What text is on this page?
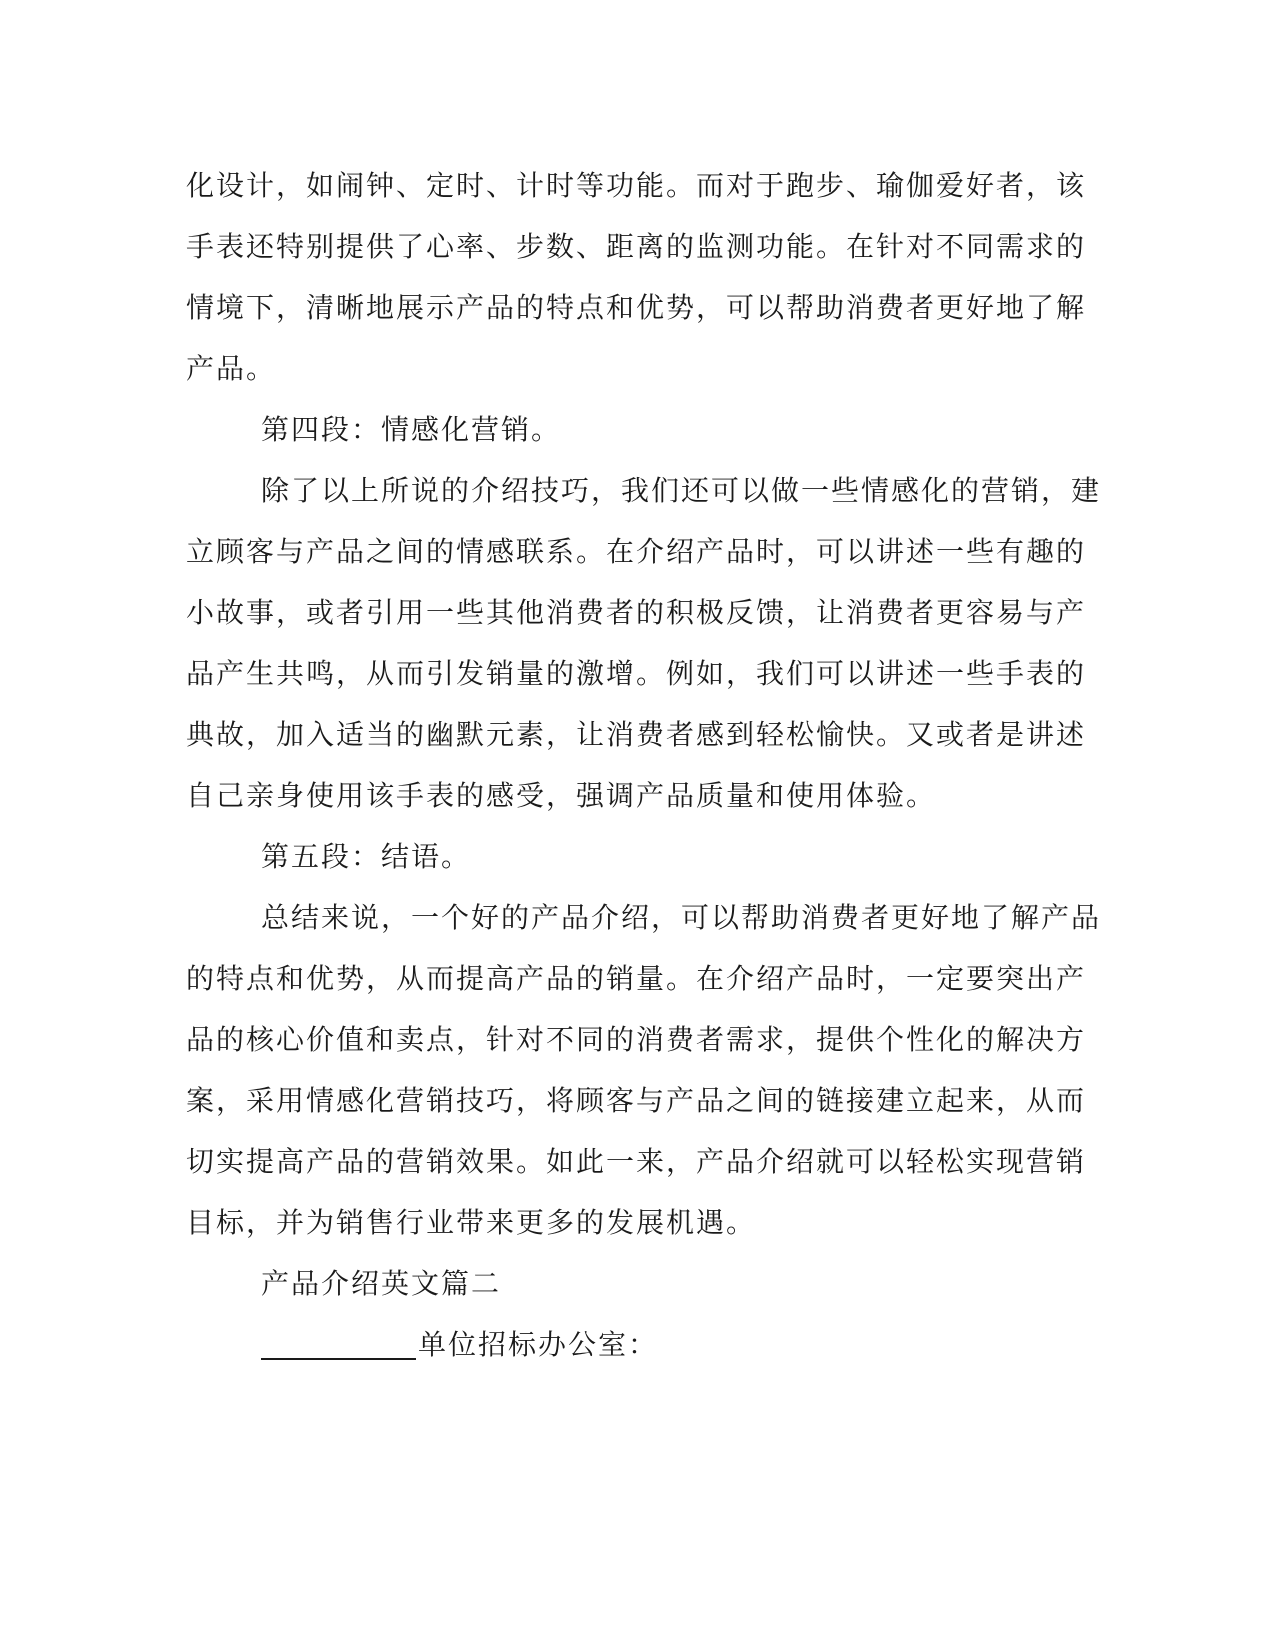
化设计，如闹钟、定时、计时等功能。而对于跑步、瑜伽爱好者，该
手表还特别提供了心率、步数、距离的监测功能。在针对不同需求的
情境下，清晰地展示产品的特点和优势，可以帮助消费者更好地了解
产品。
第四段：情感化营销。
除了以上所说的介绍技巧，我们还可以做一些情感化的营销，建
立顾客与产品之间的情感联系。在介绍产品时，可以讲述一些有趣的
小故事，或者引用一些其他消费者的积极反馈，让消费者更容易与产
品产生共鸣，从而引发销量的激增。例如，我们可以讲述一些手表的
典故，加入适当的幽默元素，让消费者感到轻松愉快。又或者是讲述
自己亲身使用该手表的感受，强调产品质量和使用体验。
第五段：结语。
总结来说，一个好的产品介绍，可以帮助消费者更好地了解产品
的特点和优势，从而提高产品的销量。在介绍产品时，一定要突出产
品的核心价值和卖点，针对不同的消费者需求，提供个性化的解决方
案，采用情感化营销技巧，将顾客与产品之间的链接建立起来，从而
切实提高产品的营销效果。如此一来，产品介绍就可以轻松实现营销
目标，并为销售行业带来更多的发展机遇。
产品介绍英文篇二
单位招标办公室：
